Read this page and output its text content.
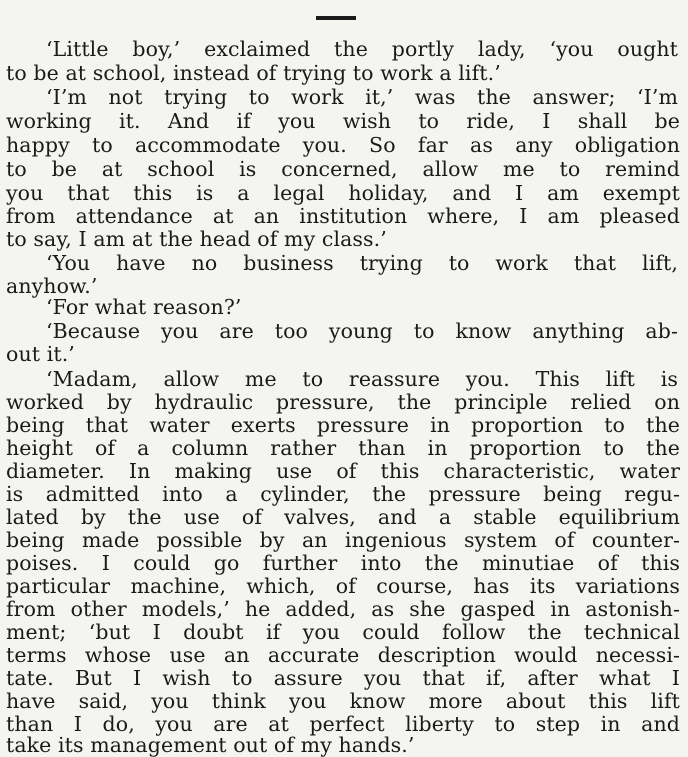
‘Little boy,’ exclaimed the portly lady, ‘you ought
to be at school, instead of trying to work a lift.’
‘I’m not trying to work it,’ was the answer; ‘I’m
working it. And if you wish to ride, I shall be
happy to accommodate you. So far as any obligation
to be at school is concerned, allow me to remind
you that this is a legal holiday, and I am exempt
from attendance at an institution where, I am pleased
to say, I am at the head of my class.’
‘You have no business trying to work that lift,
anyhow.’
‘For what reason?’
‘Because you are too young to know anything ab-
out it.’
‘Madam, allow me to reassure you. This lift is
worked by hydraulic pressure, the principle relied on
being that water exerts pressure in proportion to the
height of a column rather than in proportion to the
diameter. In making use of this characteristic, water
is admitted into a cylinder, the pressure being regu-
lated by the use of valves, and a stable equilibrium
being made possible by an ingenious system of counter-
poises. I could go further into the minutiae of this
particular machine, which, of course, has its variations
from other models,’ he added, as she gasped in astonish-
ment; ‘but I doubt if you could follow the technical
terms whose use an accurate description would necessi-
tate. But I wish to assure you that if, after what I
have said, you think you know more about this lift
than I do, you are at perfect liberty to step in and
take its management out of my hands.’
